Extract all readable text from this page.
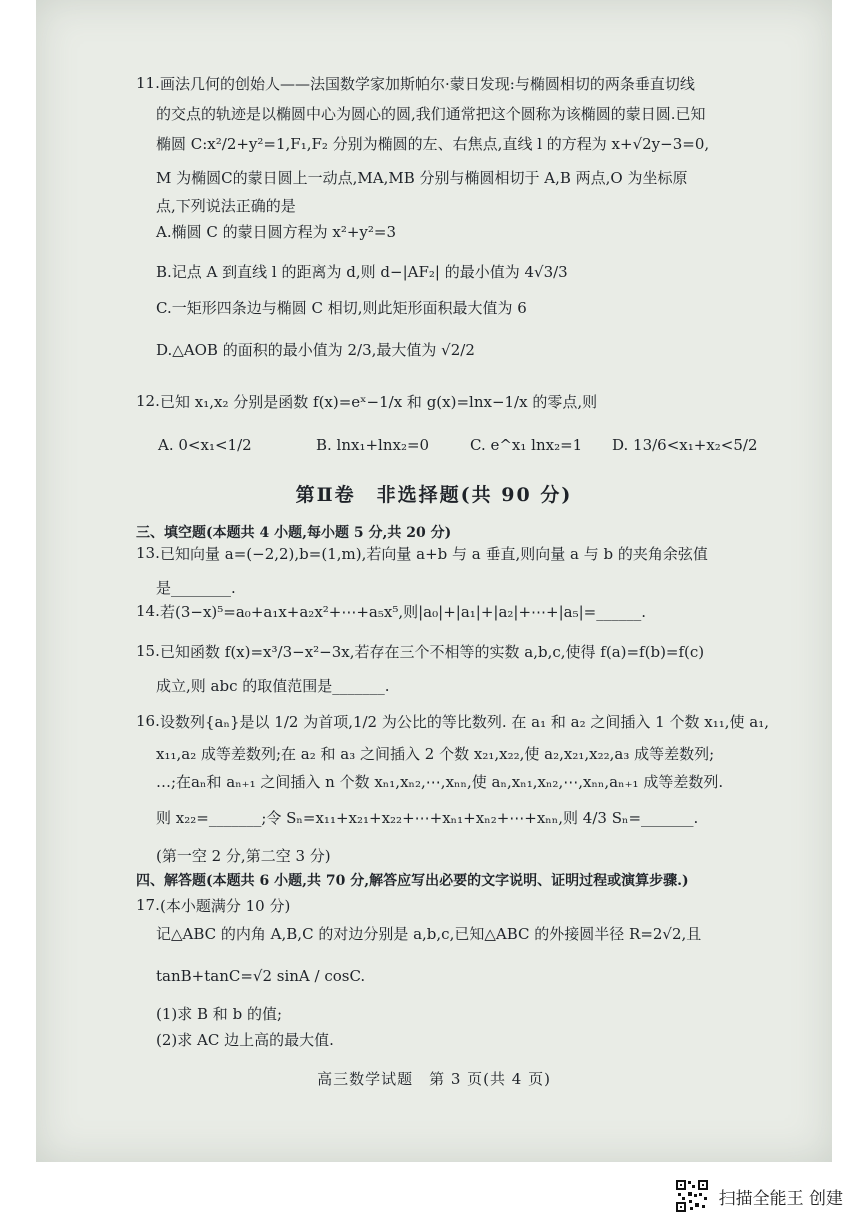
11. 画法几何的创始人——法国数学家加斯帕尔·蒙日发现:与椭圆相切的两条垂直切线
的交点的轨迹是以椭圆中心为圆心的圆,我们通常把这个圆称为该椭圆的蒙日圆.已知
椭圆 C:x²/2+y²=1,F₁,F₂ 分别为椭圆的左、右焦点,直线 l 的方程为 x+√2y−3=0,
M 为椭圆C的蒙日圆上一动点,MA,MB 分别与椭圆相切于 A,B 两点,O 为坐标原
点,下列说法正确的是
A.椭圆 C 的蒙日圆方程为 x²+y²=3
B.记点 A 到直线 l 的距离为 d,则 d−|AF₂| 的最小值为 4√3/3
C.一矩形四条边与椭圆 C 相切,则此矩形面积最大值为 6
D.△AOB 的面积的最小值为 2/3,最大值为 √2/2
12. 已知 x₁,x₂ 分别是函数 f(x)=eˣ−1/x 和 g(x)=lnx−1/x 的零点,则
A. 0<x₁<1/2	B. lnx₁+lnx₂=0	C. e^x₁ lnx₂=1 D. 13/6<x₁+x₂<5/2
第Ⅱ卷　非选择题(共 90 分)
三、填空题(本题共 4 小题,每小题 5 分,共 20 分)
13. 已知向量 a=(−2,2),b=(1,m),若向量 a+b 与 a 垂直,则向量 a 与 b 的夹角余弦值
是________.
14. 若(3−x)⁵=a₀+a₁x+a₂x²+⋯+a₅x⁵,则|a₀|+|a₁|+|a₂|+⋯+|a₅|=______.
15. 已知函数 f(x)=x³/3−x²−3x,若存在三个不相等的实数 a,b,c,使得 f(a)=f(b)=f(c)
成立,则 abc 的取值范围是_______.
16. 设数列{aₙ}是以 1/2 为首项,1/2 为公比的等比数列. 在 a₁ 和 a₂ 之间插入 1 个数 x₁₁,使 a₁,
x₁₁,a₂ 成等差数列;在 a₂ 和 a₃ 之间插入 2 个数 x₂₁,x₂₂,使 a₂,x₂₁,x₂₂,a₃ 成等差数列;
…;在aₙ和 aₙ₊₁ 之间插入 n 个数 xₙ₁,xₙ₂,⋯,xₙₙ,使 aₙ,xₙ₁,xₙ₂,⋯,xₙₙ,aₙ₊₁ 成等差数列.
则 x₂₂=_______;令 Sₙ=x₁₁+x₂₁+x₂₂+⋯+xₙ₁+xₙ₂+⋯+xₙₙ,则 4/3 Sₙ=_______.
(第一空 2 分,第二空 3 分)
四、解答题(本题共 6 小题,共 70 分,解答应写出必要的文字说明、证明过程或演算步骤.)
17. (本小题满分 10 分)
记△ABC 的内角 A,B,C 的对边分别是 a,b,c,已知△ABC 的外接圆半径 R=2√2,且
tanB+tanC=√2 sinA / cosC.
(1)求 B 和 b 的值;
(2)求 AC 边上高的最大值.
高三数学试题　第 3 页(共 4 页)
扫描全能王 创建
